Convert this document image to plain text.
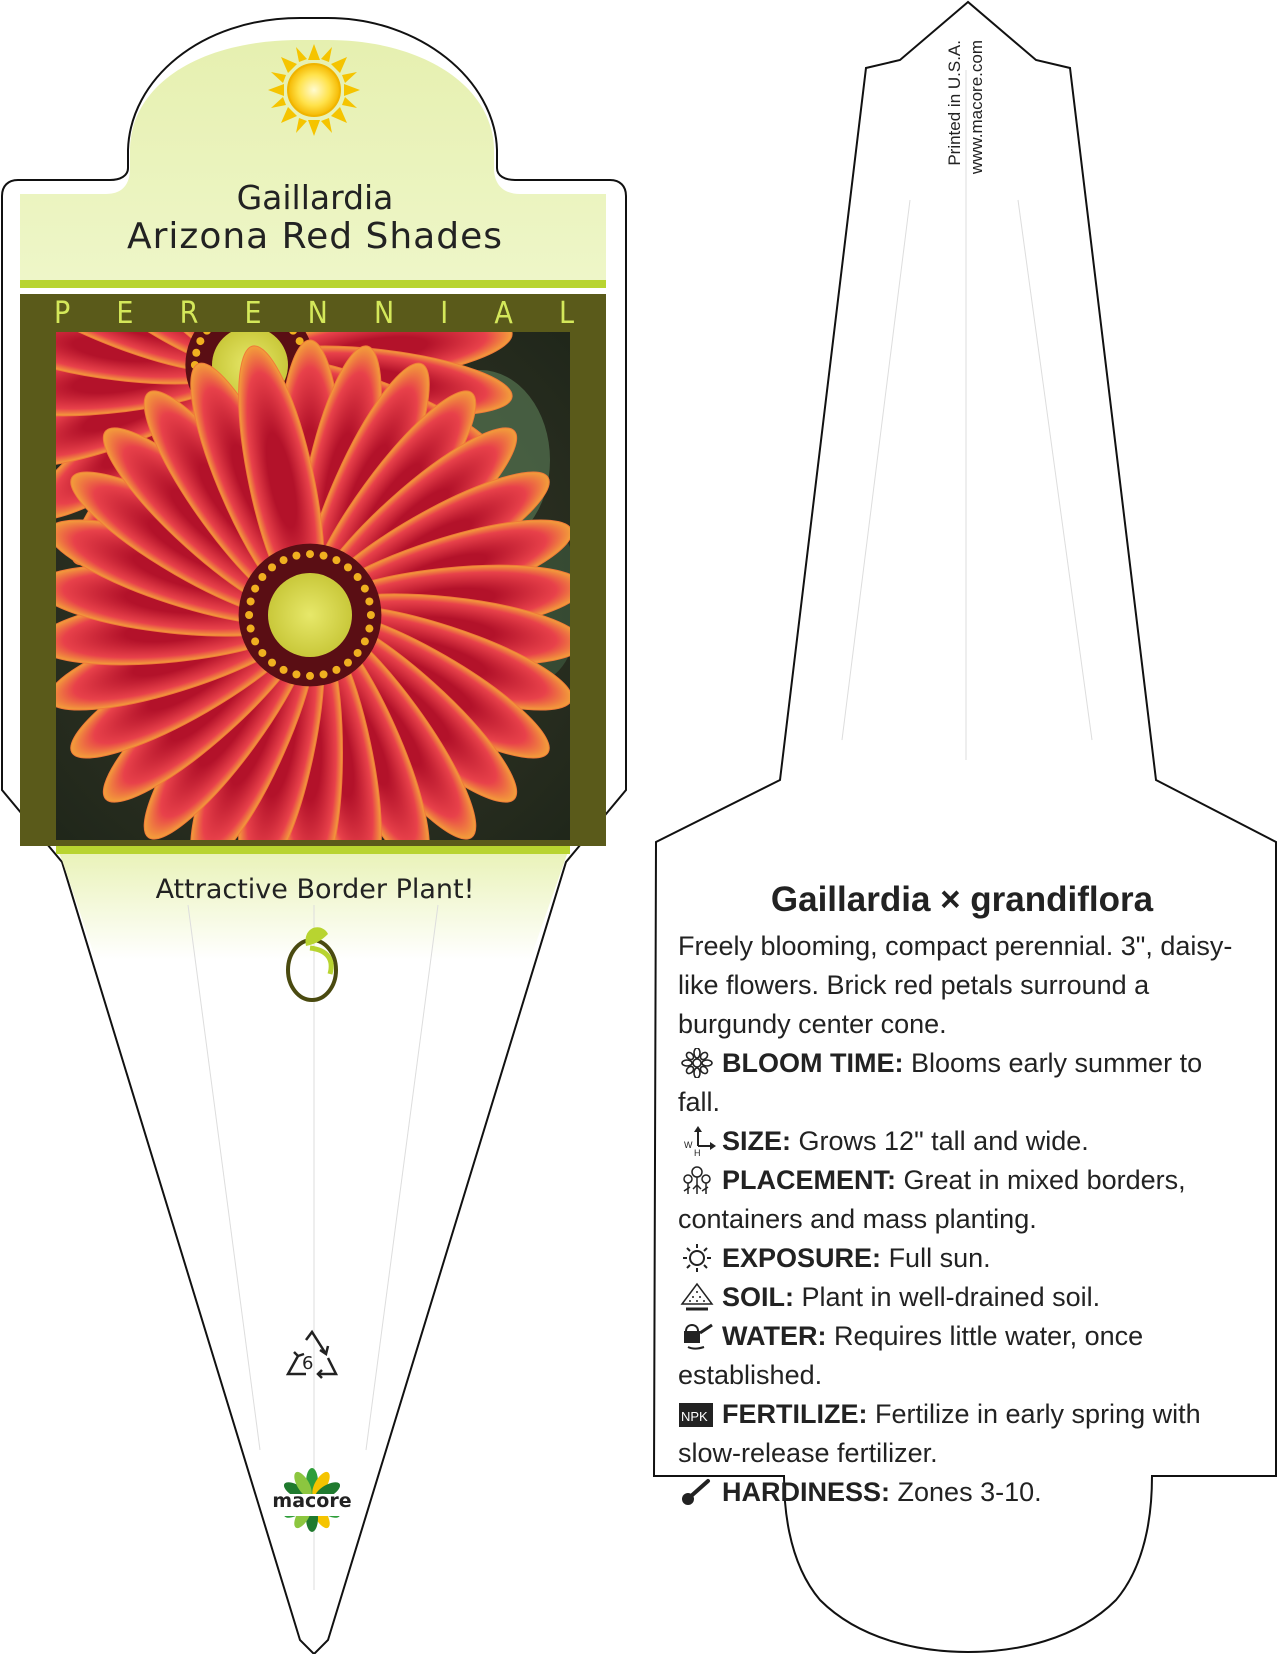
Gaillardia
Arizona Red Shades
P E R E N N I A L
Attractive Border Plant!
6
macore
Printed in U.S.A. www.macore.com
Gaillardia × grandiflora
Freely blooming, compact perennial. 3", daisy-like flowers. Brick red petals surround a burgundy center cone.
BLOOM TIME: Blooms early summer to fall.
W
H SIZE: Grows 12" tall and wide.
PLACEMENT: Great in mixed borders, containers and mass planting.
EXPOSURE: Full sun.
SOIL: Plant in well-drained soil.
WATER: Requires little water, once established.
NPK FERTILIZE: Fertilize in early spring with slow-release fertilizer.
HARDINESS: Zones 3-10.
